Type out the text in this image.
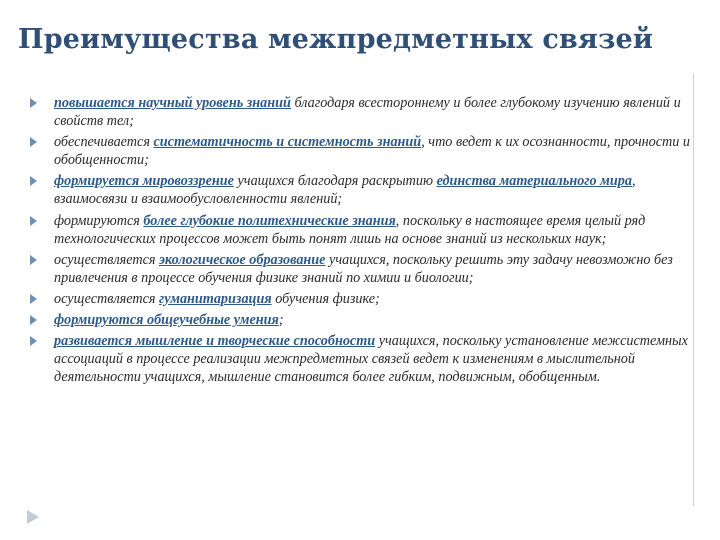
Преимущества межпредметных связей
повышается научный уровень знаний благодаря всестороннему и более глубокому изучению явлений и свойств тел;
обеспечивается систематичность и системность знаний, что ведет к их осознанности, прочности и обобщенности;
формируется мировоззрение учащихся благодаря раскрытию единства материального мира, взаимосвязи и взаимообусловленности явлений;
формируются более глубокие политехнические знания, поскольку в настоящее время целый ряд технологических процессов может быть понят лишь на основе знаний из нескольких наук;
осуществляется экологическое образование учащихся, поскольку решить эту задачу невозможно без привлечения в процессе обучения физике знаний по химии и биологии;
осуществляется гуманитаризация обучения физике;
формируются общеучебные умения;
развивается мышление и творческие способности учащихся, поскольку установление межсистемных ассоциаций в процессе реализации межпредметных связей ведет к изменениям в мыслительной деятельности учащихся, мышление становится более гибким, подвижным, обобщенным.
